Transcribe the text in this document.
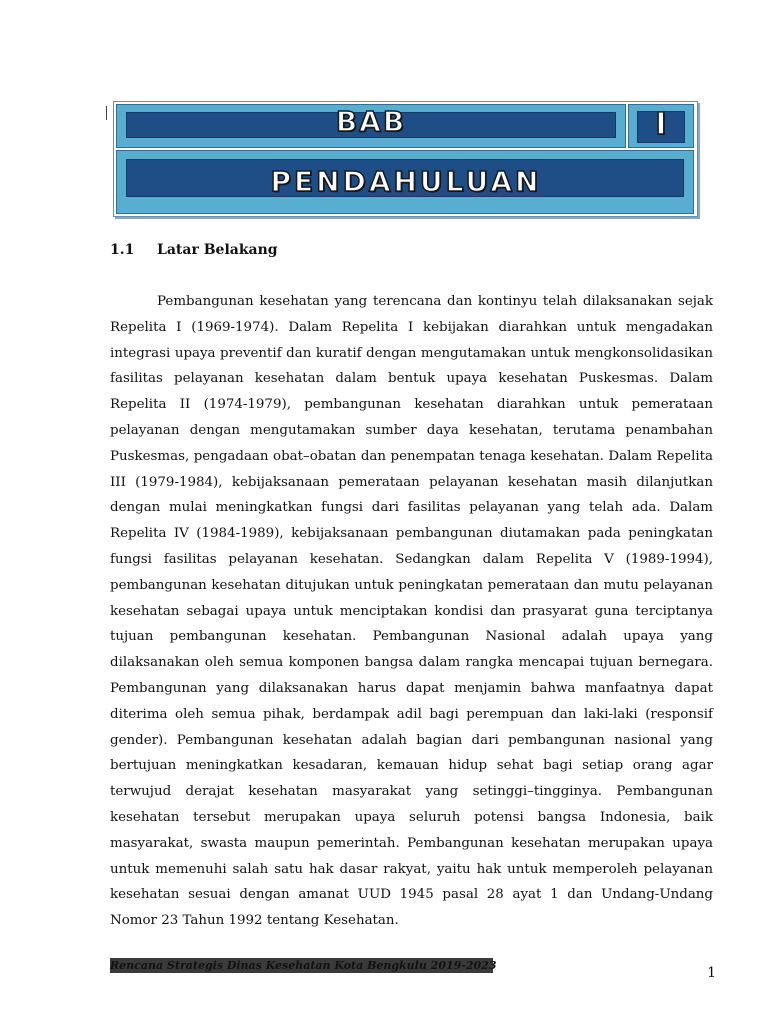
BAB	I
PENDAHULUAN
1.1 Latar Belakang

Pembangunan kesehatan yang terencana dan kontinyu telah dilaksanakan sejak Repelita I (1969-1974). Dalam Repelita I kebijakan diarahkan untuk mengadakan integrasi upaya preventif dan kuratif dengan mengutamakan untuk mengkonsolidasikan fasilitas pelayanan kesehatan dalam bentuk upaya kesehatan Puskesmas. Dalam Repelita II (1974-1979), pembangunan kesehatan diarahkan untuk pemerataan pelayanan dengan mengutamakan sumber daya kesehatan, terutama penambahan Puskesmas, pengadaan obat–obatan dan penempatan tenaga kesehatan. Dalam Repelita III (1979-1984), kebijaksanaan pemerataan pelayanan kesehatan masih dilanjutkan dengan mulai meningkatkan fungsi dari fasilitas pelayanan yang telah ada. Dalam Repelita IV (1984-1989), kebijaksanaan pembangunan diutamakan pada peningkatan fungsi fasilitas pelayanan kesehatan. Sedangkan dalam Repelita V (1989-1994), pembangunan kesehatan ditujukan untuk peningkatan pemerataan dan mutu pelayanan kesehatan sebagai upaya untuk menciptakan kondisi dan prasyarat guna terciptanya tujuan pembangunan kesehatan. Pembangunan Nasional adalah upaya yang dilaksanakan oleh semua komponen bangsa dalam rangka mencapai tujuan bernegara. Pembangunan yang dilaksanakan harus dapat menjamin bahwa manfaatnya dapat diterima oleh semua pihak, berdampak adil bagi perempuan dan laki-laki (responsif gender). Pembangunan kesehatan adalah bagian dari pembangunan nasional yang bertujuan meningkatkan kesadaran, kemauan hidup sehat bagi setiap orang agar terwujud derajat kesehatan masyarakat yang setinggi–tingginya. Pembangunan kesehatan tersebut merupakan upaya seluruh potensi bangsa Indonesia, baik masyarakat, swasta maupun pemerintah. Pembangunan kesehatan merupakan upaya untuk memenuhi salah satu hak dasar rakyat, yaitu hak untuk memperoleh pelayanan kesehatan sesuai dengan amanat UUD 1945 pasal 28 ayat 1 dan Undang-Undang Nomor 23 Tahun 1992 tentang Kesehatan.

Rencana Strategis Dinas Kesehatan Kota Bengkulu 2019-2023	1
